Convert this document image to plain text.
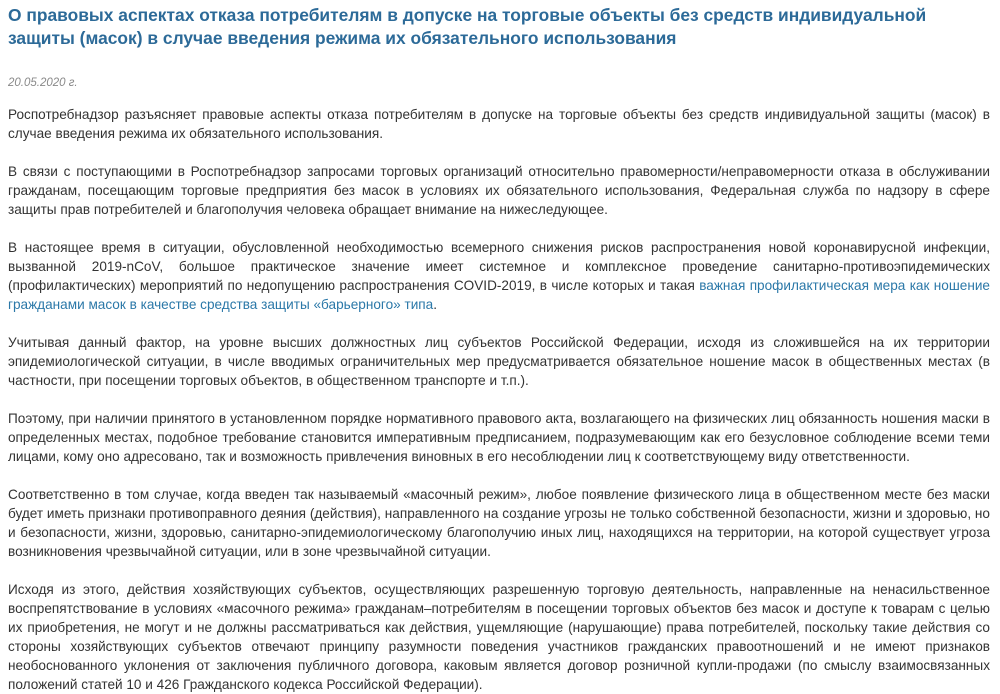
О правовых аспектах отказа потребителям в допуске на торговые объекты без средств индивидуальной защиты (масок) в случае введения режима их обязательного использования
20.05.2020 г.

Роспотребнадзор разъясняет правовые аспекты отказа потребителям в допуске на торговые объекты без средств индивидуальной защиты (масок) в случае введения режима их обязательного использования.

В связи с поступающими в Роспотребнадзор запросами торговых организаций относительно правомерности/неправомерности отказа в обслуживании гражданам, посещающим торговые предприятия без масок в условиях их обязательного использования, Федеральная служба по надзору в сфере защиты прав потребителей и благополучия человека обращает внимание на нижеследующее.

В настоящее время в ситуации, обусловленной необходимостью всемерного снижения рисков распространения новой коронавирусной инфекции, вызванной 2019-nCoV, большое практическое значение имеет системное и комплексное проведение санитарно-противоэпидемических (профилактических) мероприятий по недопущению распространения COVID-2019, в числе которых и такая важная профилактическая мера как ношение гражданами масок в качестве средства защиты «барьерного» типа.

Учитывая данный фактор, на уровне высших должностных лиц субъектов Российской Федерации, исходя из сложившейся на их территории эпидемиологической ситуации, в числе вводимых ограничительных мер предусматривается обязательное ношение масок в общественных местах (в частности, при посещении торговых объектов, в общественном транспорте и т.п.).

Поэтому, при наличии принятого в установленном порядке нормативного правового акта, возлагающего на физических лиц обязанность ношения маски в определенных местах, подобное требование становится императивным предписанием, подразумевающим как его безусловное соблюдение всеми теми лицами, кому оно адресовано, так и возможность привлечения виновных в его несоблюдении лиц к соответствующему виду ответственности.

Соответственно в том случае, когда введен так называемый «масочный режим», любое появление физического лица в общественном месте без маски будет иметь признаки противоправного деяния (действия), направленного на создание угрозы не только собственной безопасности, жизни и здоровью, но и безопасности, жизни, здоровью, санитарно-эпидемиологическому благополучию иных лиц, находящихся на территории, на которой существует угроза возникновения чрезвычайной ситуации, или в зоне чрезвычайной ситуации.

Исходя из этого, действия хозяйствующих субъектов, осуществляющих разрешенную торговую деятельность, направленные на ненасильственное воспрепятствование в условиях «масочного режима» гражданам–потребителям в посещении торговых объектов без масок и доступе к товарам с целью их приобретения, не могут и не должны рассматриваться как действия, ущемляющие (нарушающие) права потребителей, поскольку такие действия со стороны хозяйствующих субъектов отвечают принципу разумности поведения участников гражданских правоотношений и не имеют признаков необоснованного уклонения от заключения публичного договора, каковым является договор розничной купли-продажи (по смыслу взаимосвязанных положений статей 10 и 426 Гражданского кодекса Российской Федерации).
